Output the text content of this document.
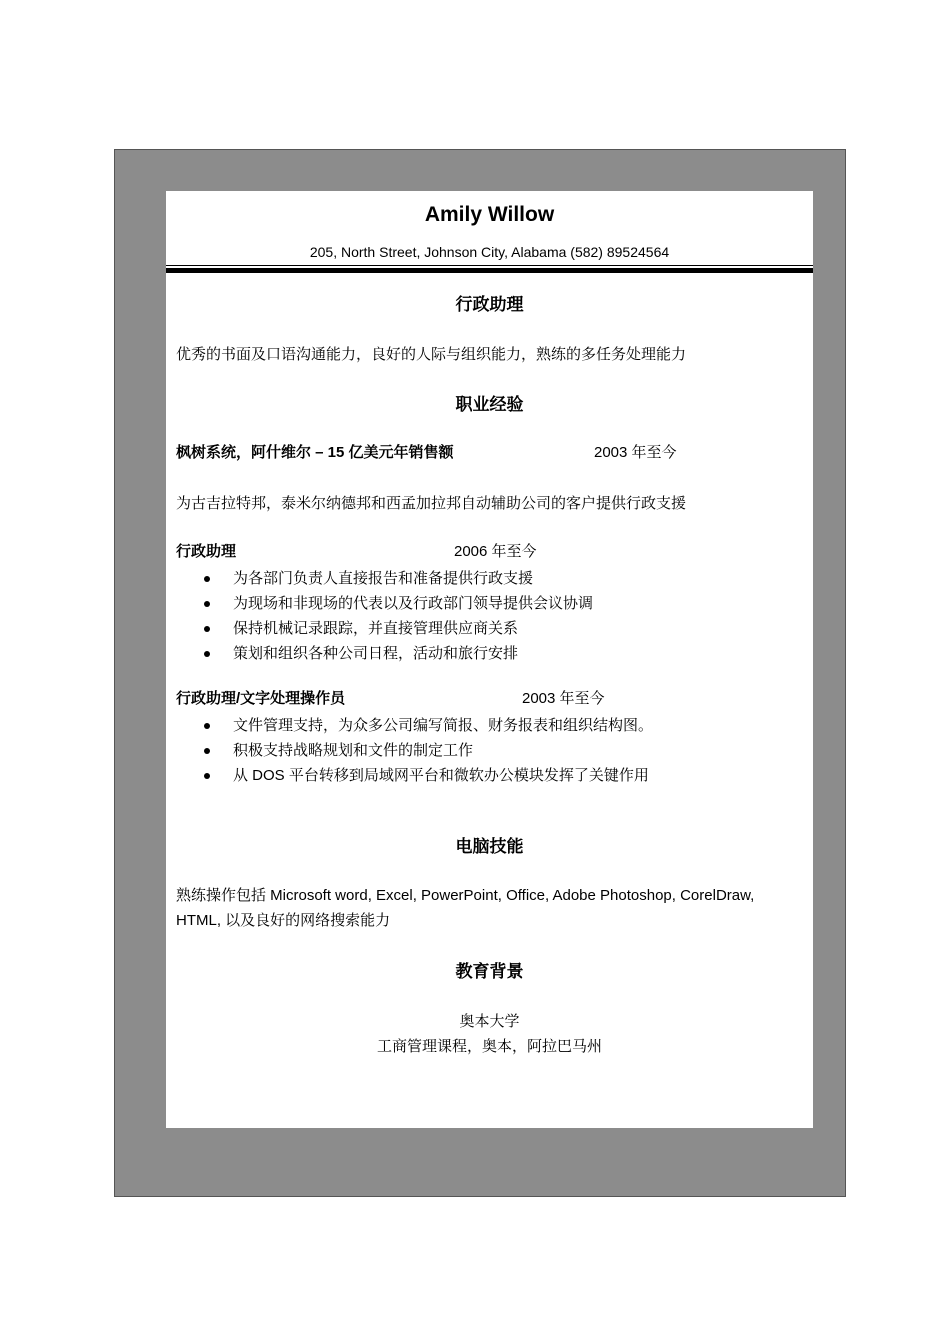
Amily Willow
205, North Street, Johnson City, Alabama (582) 89524564
行政助理
优秀的书面及口语沟通能力，良好的人际与组织能力，熟练的多任务处理能力
职业经验
枫树系统，阿什维尔 – 15 亿美元年销售额	2003 年至今
为古吉拉特邦，泰米尔纳德邦和西孟加拉邦自动辅助公司的客户提供行政支援
行政助理	2006 年至今
为各部门负责人直接报告和准备提供行政支援
为现场和非现场的代表以及行政部门领导提供会议协调
保持机械记录跟踪，并直接管理供应商关系
策划和组织各种公司日程，活动和旅行安排
行政助理/文字处理操作员	2003 年至今
文件管理支持，为众多公司编写简报、财务报表和组织结构图。
积极支持战略规划和文件的制定工作
从 DOS 平台转移到局域网平台和微软办公模块发挥了关键作用
电脑技能
熟练操作包括 Microsoft word, Excel, PowerPoint, Office, Adobe Photoshop, CorelDraw,
HTML, 以及良好的网络搜索能力
教育背景
奥本大学
工商管理课程，奥本，阿拉巴马州
